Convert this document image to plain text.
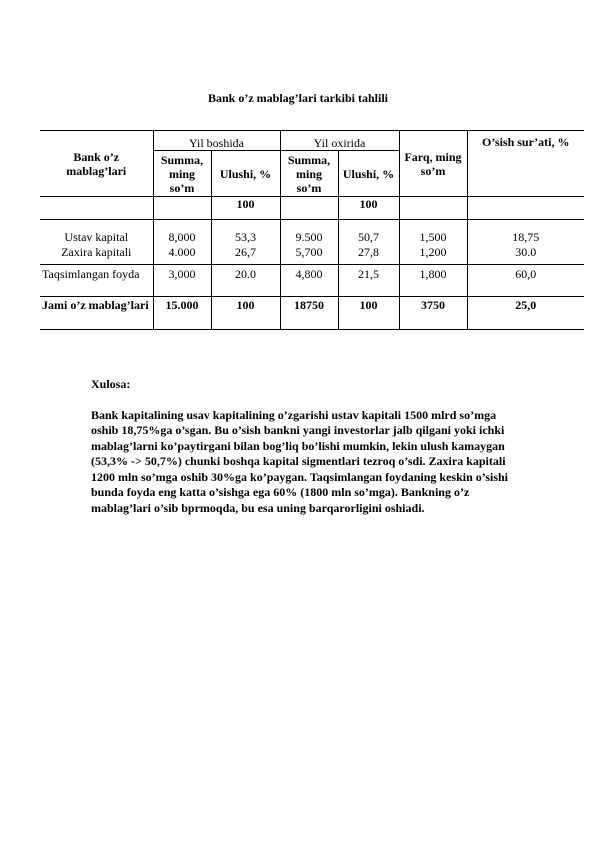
Bank o’z mablag’lari tarkibi tahlili
Bank o’z mablag’lari	Yil boshida		Yil oxirida		Farq, ming so’m	O’sish sur’ati, %
	Summa, ming so’m	Ulushi, %	Summa, ming so’m	Ulushi, %		
		100		100		

Ustav kapital	8,000	53,3	9.500	50,7	1,500	18,75
Zaxira kapitali	4.000	26,7	5,700	27,8	1,200	30.0
Taqsimlangan foyda	3,000	20.0	4,800	21,5	1,800	60,0
Jami o’z mablag’lari	15.000	100	18750	100	3750	25,0

Xulosa:

Bank kapitalining usav kapitalining o’zgarishi ustav kapitali 1500 mlrd so’mga oshib 18,75%ga o’sgan. Bu o’sish bankni yangi investorlar jalb qilgani yoki ichki mablag’larni ko’paytirgani bilan bog’liq bo’lishi mumkin, lekin ulush kamaygan (53,3% -> 50,7%) chunki boshqa kapital sigmentlari tezroq o’sdi. Zaxira kapitali 1200 mln so’mga oshib 30%ga ko’paygan. Taqsimlangan foydaning keskin o’sishi bunda foyda eng katta o’sishga ega 60% (1800 mln so’mga). Bankning o’z mablag’lari o’sib bprmoqda, bu esa uning barqarorligini oshiadi.
